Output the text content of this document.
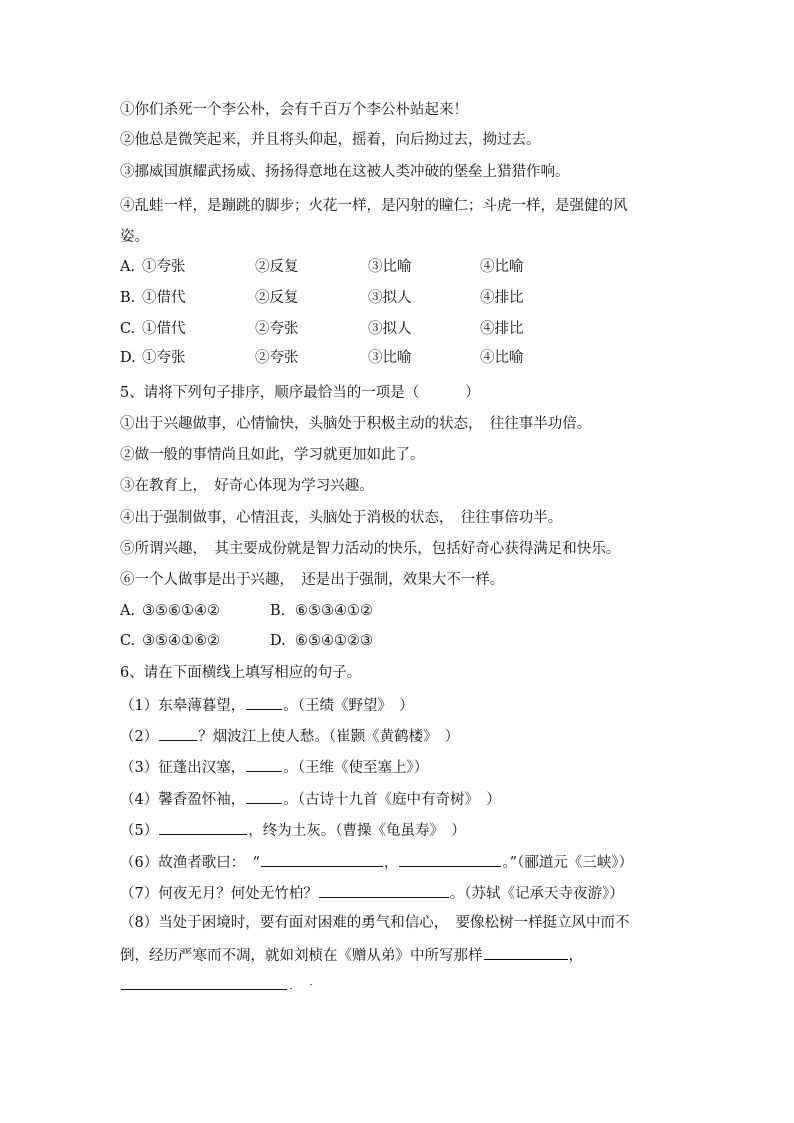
①你们杀死一个李公朴，会有千百万个李公朴站起来！
②他总是微笑起来，并且将头仰起，摇着，向后拗过去，拗过去。
③挪威国旗耀武扬威、扬扬得意地在这被人类冲破的堡垒上猎猎作响。
④乱蛙一样，是蹦跳的脚步；火花一样，是闪射的瞳仁；斗虎一样，是强健的风
姿。
A. ①夸张	②反复	③比喻	④比喻
B. ①借代	②反复	③拟人	④排比
C. ①借代	②夸张	③拟人	④排比
D. ①夸张	②夸张	③比喻	④比喻
5、请将下列句子排序，顺序最恰当的一项是（	）
①出于兴趣做事，心情愉快，头脑处于积极主动的状态，　往往事半功倍。
②做一般的事情尚且如此，学习就更加如此了。
③在教育上，　好奇心体现为学习兴趣。
④出于强制做事，心情沮丧，头脑处于消极的状态，　往往事倍功半。
⑤所谓兴趣，　其主要成份就是智力活动的快乐，包括好奇心获得满足和快乐。
⑥一个人做事是出于兴趣，　还是出于强制，效果大不一样。
A. ③⑤⑥①④②	B. ⑥⑤③④①②
C. ③⑤④①⑥②	D. ⑥⑤④①②③
6、请在下面横线上填写相应的句子。
（1）东皋薄暮望，	。（王绩《野望》　）
（2）	？烟波江上使人愁。（崔颢《黄鹤楼》　）
（3）征蓬出汉塞，	。（王维《使至塞上》）
（4）馨香盈怀袖，	。（古诗十九首《庭中有奇树》　）
（5）	，终为土灰。（曹操《龟虽寿》　）
（6）故渔者歌曰：　“	，	。”（郦道元《三峡》）
（7）何夜无月？何处无竹柏？	。（苏轼《记承天寺夜游》）
（8）当处于困境时，要有面对困难的勇气和信心，　要像松树一样挺立风中而不
倒，经历严寒而不凋，就如刘桢在《赠从弟》中所写那样	，
